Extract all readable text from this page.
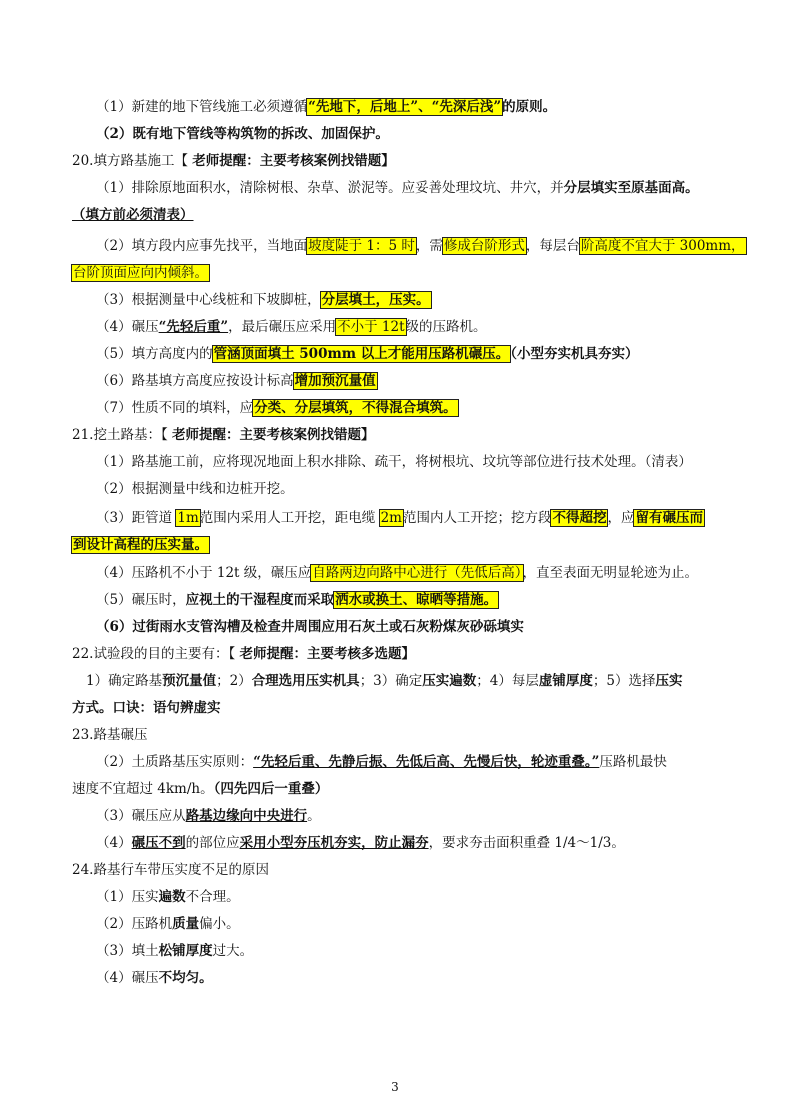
（1）新建的地下管线施工必须遵循“先地下，后地上”、“先深后浅”的原则。
（2）既有地下管线等构筑物的拆改、加固保护。
20.填方路基施工【 老师提醒：主要考核案例找错题】
（1）排除原地面积水，清除树根、杂草、淤泥等。应妥善处理坟坑、井穴，并分层填实至原基面高。
（填方前必须清表）
（2）填方段内应事先找平，当地面坡度陡于 1：5 时，需修成台阶形式，每层台阶高度不宜大于 300mm，
台阶顶面应向内倾斜。
（3）根据测量中心线桩和下坡脚桩，分层填土，压实。
（4）碾压“先轻后重”，最后碾压应采用不小于 12t级的压路机。
（5）填方高度内的管涵顶面填土 500mm 以上才能用压路机碾压。（小型夯实机具夯实）
（6）路基填方高度应按设计标高增加预沉量值
（7）性质不同的填料，应分类、分层填筑，不得混合填筑。
21.挖土路基：【 老师提醒：主要考核案例找错题】
（1）路基施工前，应将现况地面上积水排除、疏干，将树根坑、坟坑等部位进行技术处理。（清表）
（2）根据测量中线和边桩开挖。
（3）距管道 1m范围内采用人工开挖，距电缆 2m范围内人工开挖；挖方段不得超挖，应留有碾压而
到设计高程的压实量。
（4）压路机不小于 12t 级，碾压应自路两边向路中心进行（先低后高），直至表面无明显轮迹为止。
（5）碾压时，应视土的干湿程度而采取洒水或换土、晾晒等措施。
（6）过街雨水支管沟槽及检查井周围应用石灰土或石灰粉煤灰砂砾填实
22.试验段的目的主要有：【 老师提醒：主要考核多选题】
1）确定路基预沉量值；2）合理选用压实机具；3）确定压实遍数；4）每层虚铺厚度；5）选择压实
方式。口诀：语句辨虚实
23.路基碾压
（2）土质路基压实原则：“先轻后重、先静后振、先低后高、先慢后快，轮迹重叠。”压路机最快
速度不宜超过 4km/h。（四先四后一重叠）
（3）碾压应从路基边缘向中央进行。
（4）碾压不到的部位应采用小型夯压机夯实，防止漏夯，要求夯击面积重叠 1/4～1/3。
24.路基行车带压实度不足的原因
（1）压实遍数不合理。
（2）压路机质量偏小。
（3）填土松铺厚度过大。
（4）碾压不均匀。
3
